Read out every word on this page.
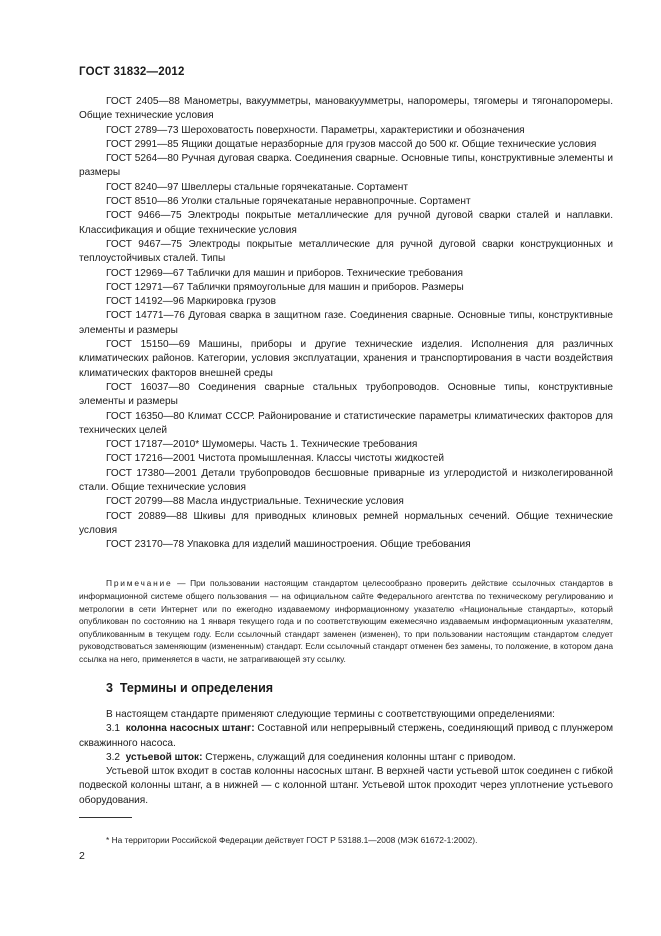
ГОСТ 31832—2012

ГОСТ 2405—88 Манометры, вакуумметры, мановакуумметры, напоромеры, тягомеры и тягонапоромеры. Общие технические условия

ГОСТ 2789—73 Шероховатость поверхности. Параметры, характеристики и обозначения

ГОСТ 2991—85 Ящики дощатые неразборные для грузов массой до 500 кг. Общие технические условия

ГОСТ 5264—80 Ручная дуговая сварка. Соединения сварные. Основные типы, конструктивные элементы и размеры

ГОСТ 8240—97 Швеллеры стальные горячекатаные. Сортамент

ГОСТ 8510—86 Уголки стальные горячекатаные неравнопрочные. Сортамент

ГОСТ 9466—75 Электроды покрытые металлические для ручной дуговой сварки сталей и наплавки. Классификация и общие технические условия

ГОСТ 9467—75 Электроды покрытые металлические для ручной дуговой сварки конструкционных и теплоустойчивых сталей. Типы

ГОСТ 12969—67 Таблички для машин и приборов. Технические требования

ГОСТ 12971—67 Таблички прямоугольные для машин и приборов. Размеры

ГОСТ 14192—96 Маркировка грузов

ГОСТ 14771—76 Дуговая сварка в защитном газе. Соединения сварные. Основные типы, конструктивные элементы и размеры

ГОСТ 15150—69 Машины, приборы и другие технические изделия. Исполнения для различных климатических районов. Категории, условия эксплуатации, хранения и транспортирования в части воздействия климатических факторов внешней среды

ГОСТ 16037—80 Соединения сварные стальных трубопроводов. Основные типы, конструктивные элементы и размеры

ГОСТ 16350—80 Климат СССР. Районирование и статистические параметры климатических факторов для технических целей

ГОСТ 17187—2010* Шумомеры. Часть 1. Технические требования

ГОСТ 17216—2001 Чистота промышленная. Классы чистоты жидкостей

ГОСТ 17380—2001 Детали трубопроводов бесшовные приварные из углеродистой и низколегированной стали. Общие технические условия

ГОСТ 20799—88 Масла индустриальные. Технические условия

ГОСТ 20889—88 Шкивы для приводных клиновых ремней нормальных сечений. Общие технические условия

ГОСТ 23170—78 Упаковка для изделий машиностроения. Общие требования

Примечание — При пользовании настоящим стандартом целесообразно проверить действие ссылочных стандартов в информационной системе общего пользования — на официальном сайте Федерального агентства по техническому регулированию и метрологии в сети Интернет или по ежегодно издаваемому информационному указателю «Национальные стандарты», который опубликован по состоянию на 1 января текущего года и по соответствующим ежемесячно издаваемым информационным указателям, опубликованным в текущем году. Если ссылочный стандарт заменен (изменен), то при пользовании настоящим стандартом следует руководствоваться заменяющим (измененным) стандарт. Если ссылочный стандарт отменен без замены, то положение, в котором дана ссылка на него, применяется в части, не затрагивающей эту ссылку.

3 Термины и определения

В настоящем стандарте применяют следующие термины с соответствующими определениями:

3.1 колонна насосных штанг: Составной или непрерывный стержень, соединяющий привод с плунжером скважинного насоса.

3.2 устьевой шток: Стержень, служащий для соединения колонны штанг с приводом.

Устьевой шток входит в состав колонны насосных штанг. В верхней части устьевой шток соединен с гибкой подвеской колонны штанг, а в нижней — с колонной штанг. Устьевой шток проходит через уплотнение устьевого оборудования.

* На территории Российской Федерации действует ГОСТ Р 53188.1—2008 (МЭК 61672-1:2002).

2
